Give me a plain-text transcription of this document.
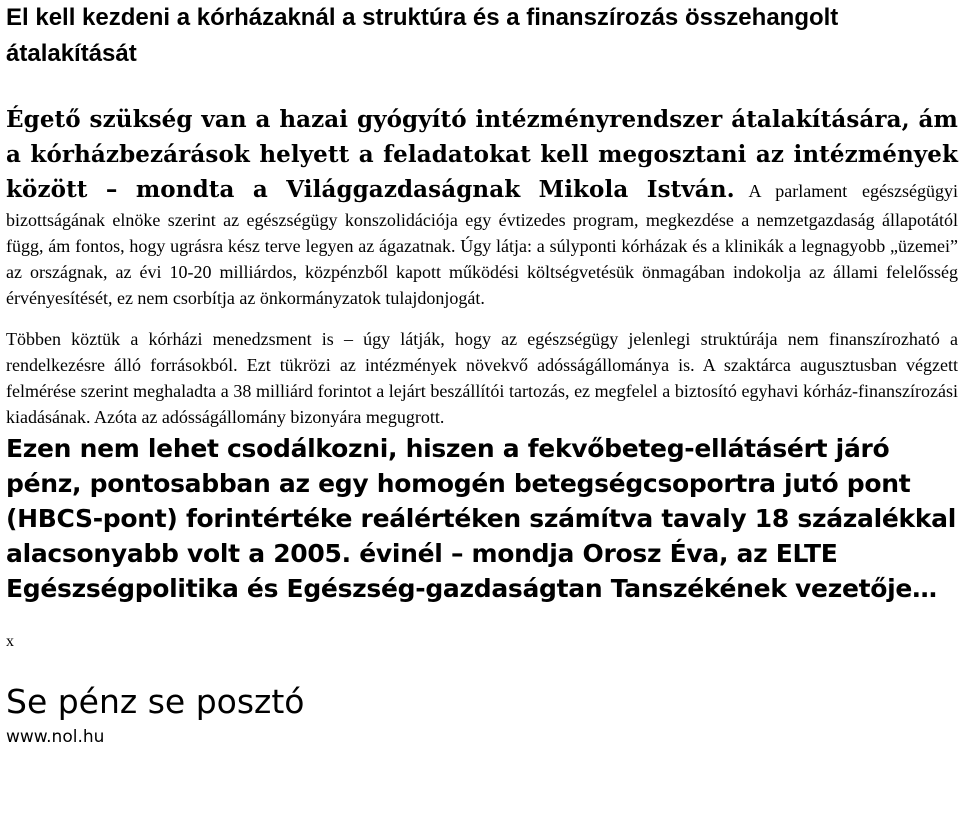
El kell kezdeni a kórházaknál a struktúra és a finanszírozás összehangolt átalakítását
Égető szükség van a hazai gyógyító intézményrendszer átalakítására, ám a kórházbezárások helyett a feladatokat kell megosztani az intézmények között – mondta a Világgazdaságnak Mikola István. A parlament egészségügyi bizottságának elnöke szerint az egészségügy konszolidációja egy évtizedes program, megkezdése a nemzetgazdaság állapotától függ, ám fontos, hogy ugrásra kész terve legyen az ágazatnak. Úgy látja: a súlyponti kórházak és a klinikák a legnagyobb „üzemei” az országnak, az évi 10-20 milliárdos, közpénzből kapott működési költségvetésük önmagában indokolja az állami felelősség érvényesítését, ez nem csorbítja az önkormányzatok tulajdonjogát.
Többen köztük a kórházi menedzsment is – úgy látják, hogy az egészségügy jelenlegi struktúrája nem finanszírozható a rendelkezésre álló forrásokból. Ezt tükrözi az intézmények növekvő adósságállománya is. A szaktárca augusztusban végzett felmérése szerint meghaladta a 38 milliárd forintot a lejárt beszállítói tartozás, ez megfelel a biztosító egyhavi kórház-finanszírozási kiadásának. Azóta az adósságállomány bizonyára megugrott.
Ezen nem lehet csodálkozni, hiszen a fekvőbeteg-ellátásért járó pénz, pontosabban az egy homogén betegségcsoportra jutó pont (HBCS-pont) forintértéke reálértéken számítva tavaly 18 százalékkal alacsonyabb volt a 2005. évinél – mondja Orosz Éva, az ELTE Egészségpolitika és Egészség-gazdaságtan Tanszékének vezetője…
x
Se pénz se posztó
www.nol.hu
